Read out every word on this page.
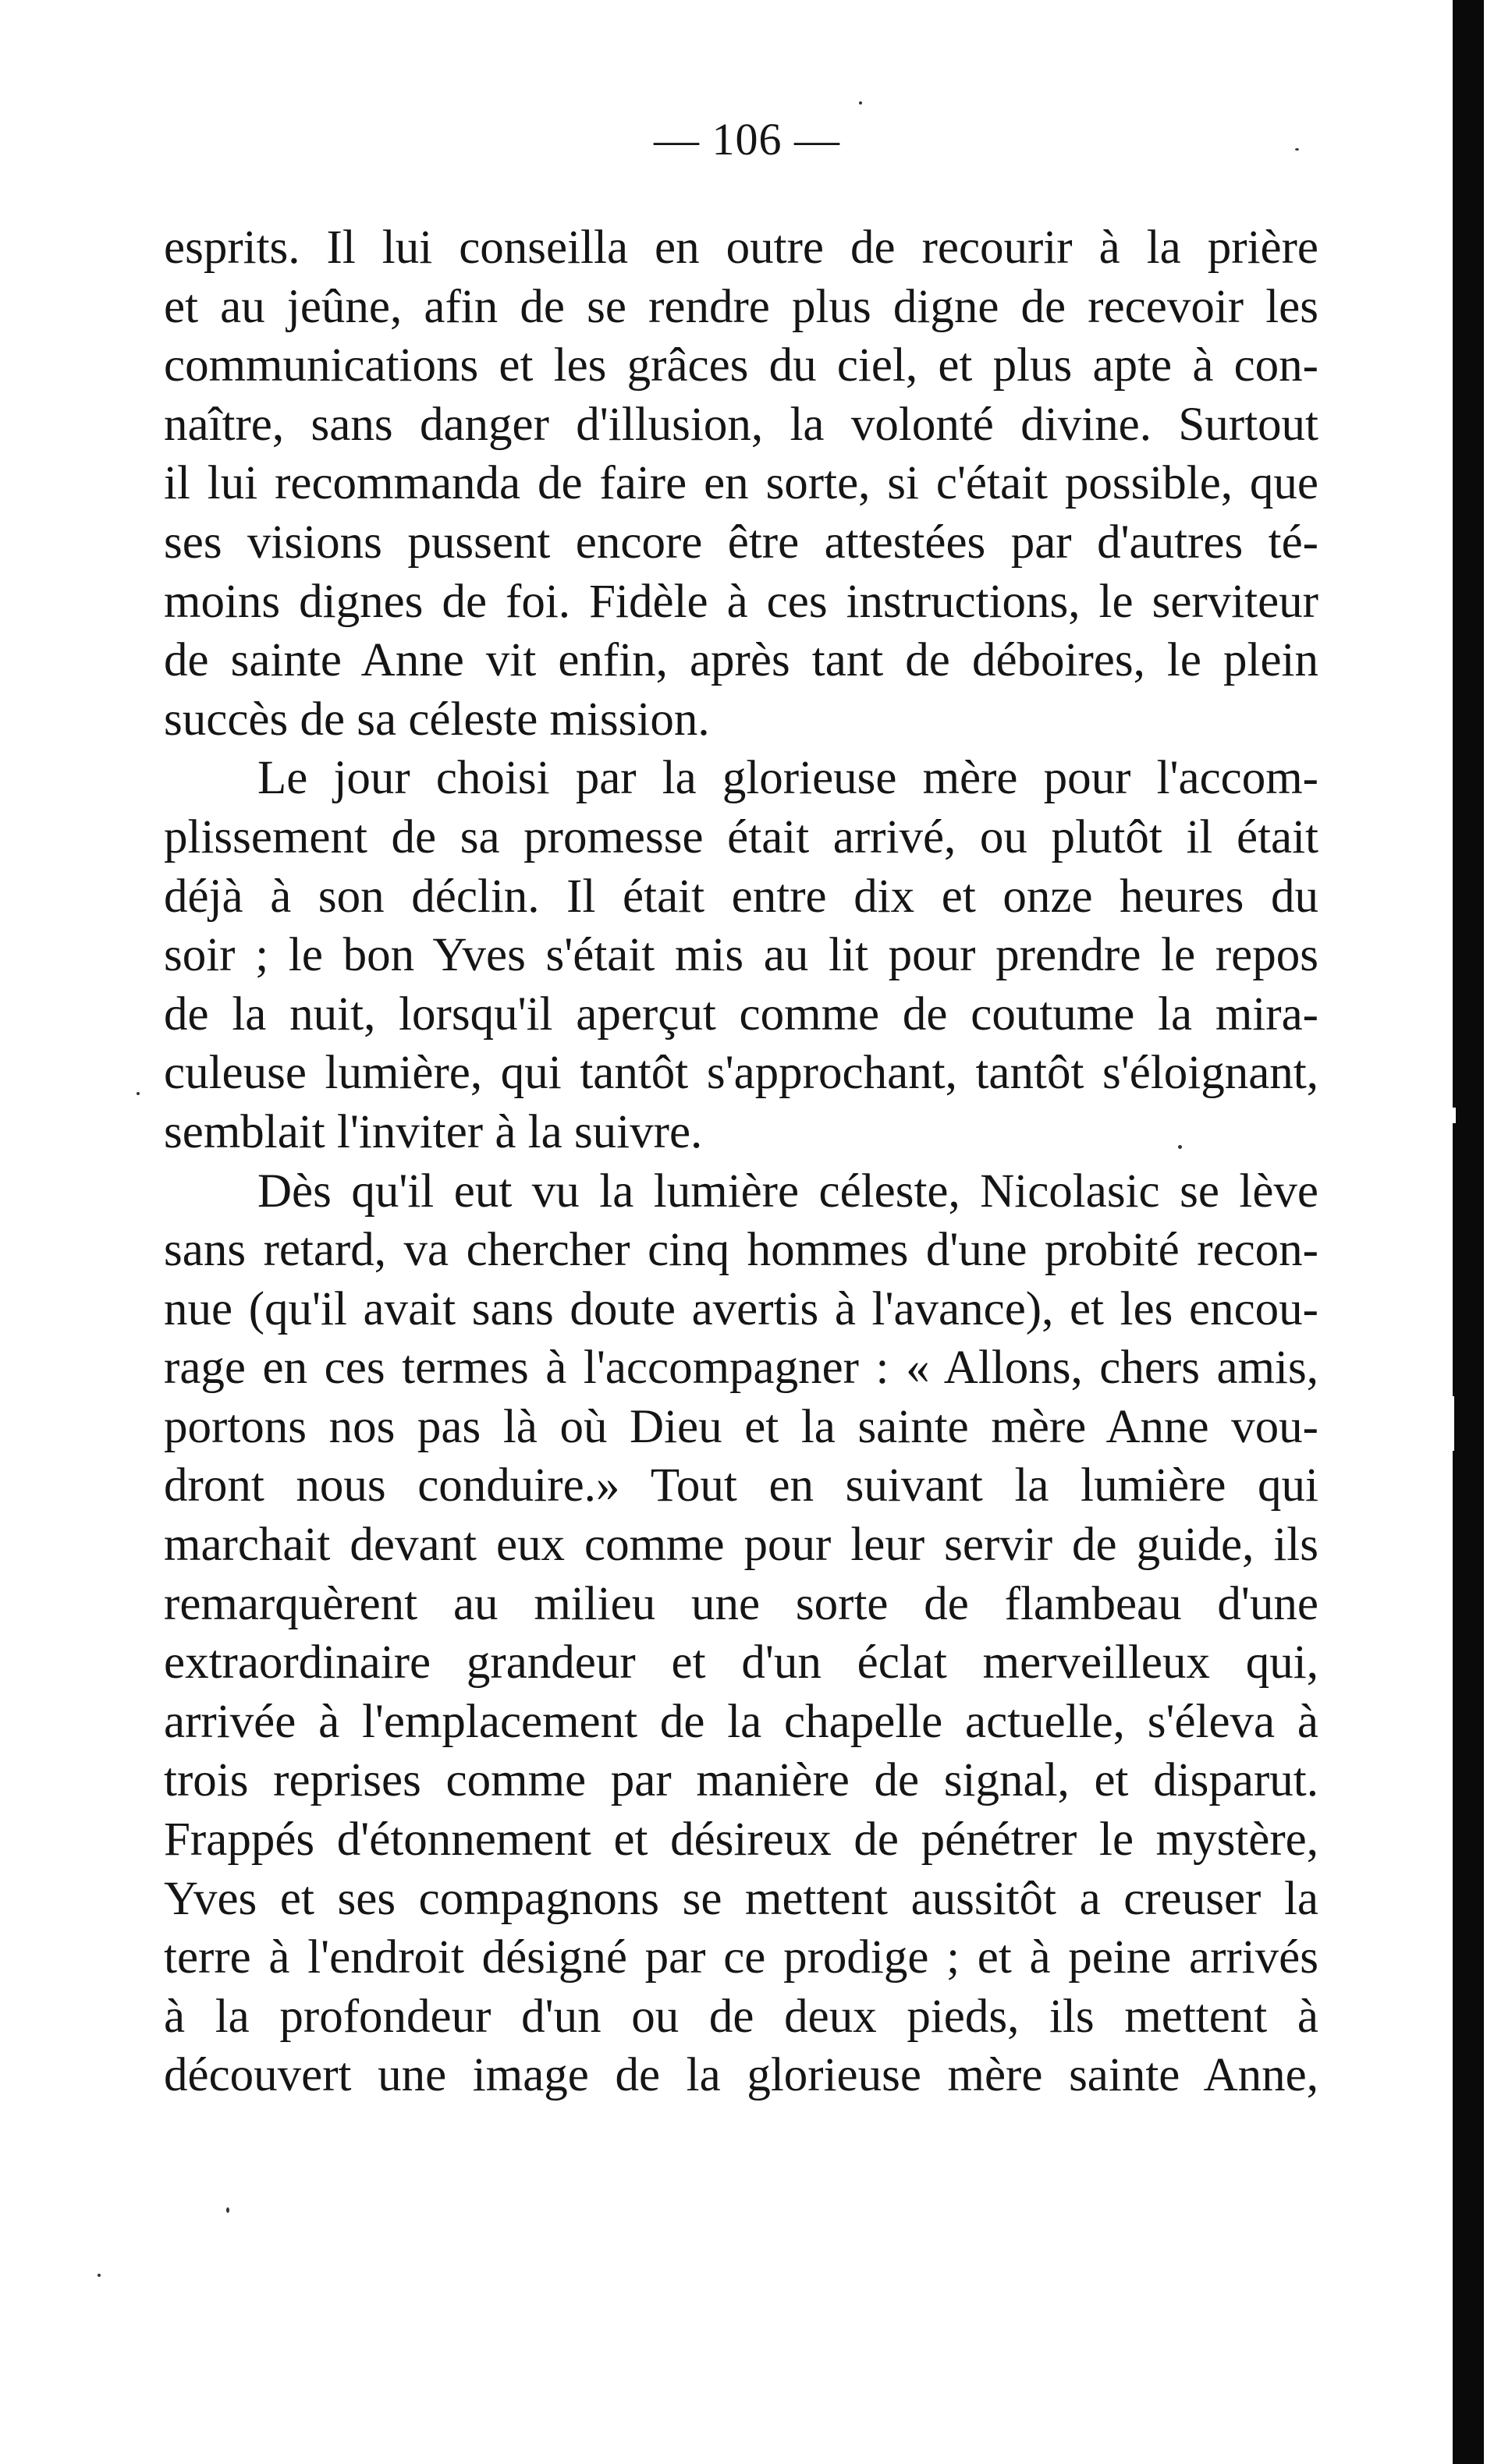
— 106 —

esprits. Il lui conseilla en outre de recourir à la prière
et au jeûne, afin de se rendre plus digne de recevoir les
communications et les grâces du ciel, et plus apte à con-
naître, sans danger d'illusion, la volonté divine. Surtout
il lui recommanda de faire en sorte, si c'était possible, que
ses visions pussent encore être attestées par d'autres té-
moins dignes de foi. Fidèle à ces instructions, le serviteur
de sainte Anne vit enfin, après tant de déboires, le plein
succès de sa céleste mission.

Le jour choisi par la glorieuse mère pour l'accom-
plissement de sa promesse était arrivé, ou plutôt il était
déjà à son déclin. Il était entre dix et onze heures du
soir ; le bon Yves s'était mis au lit pour prendre le repos
de la nuit, lorsqu'il aperçut comme de coutume la mira-
culeuse lumière, qui tantôt s'approchant, tantôt s'éloignant,
semblait l'inviter à la suivre.

Dès qu'il eut vu la lumière céleste, Nicolasic se lève
sans retard, va chercher cinq hommes d'une probité recon-
nue (qu'il avait sans doute avertis à l'avance), et les encou-
rage en ces termes à l'accompagner : « Allons, chers amis,
portons nos pas là où Dieu et la sainte mère Anne vou-
dront nous conduire.» Tout en suivant la lumière qui
marchait devant eux comme pour leur servir de guide, ils
remarquèrent au milieu une sorte de flambeau d'une
extraordinaire grandeur et d'un éclat merveilleux qui,
arrivée à l'emplacement de la chapelle actuelle, s'éleva à
trois reprises comme par manière de signal, et disparut.
Frappés d'étonnement et désireux de pénétrer le mystère,
Yves et ses compagnons se mettent aussitôt a creuser la
terre à l'endroit désigné par ce prodige ; et à peine arrivés
à la profondeur d'un ou de deux pieds, ils mettent à
découvert une image de la glorieuse mère sainte Anne,
